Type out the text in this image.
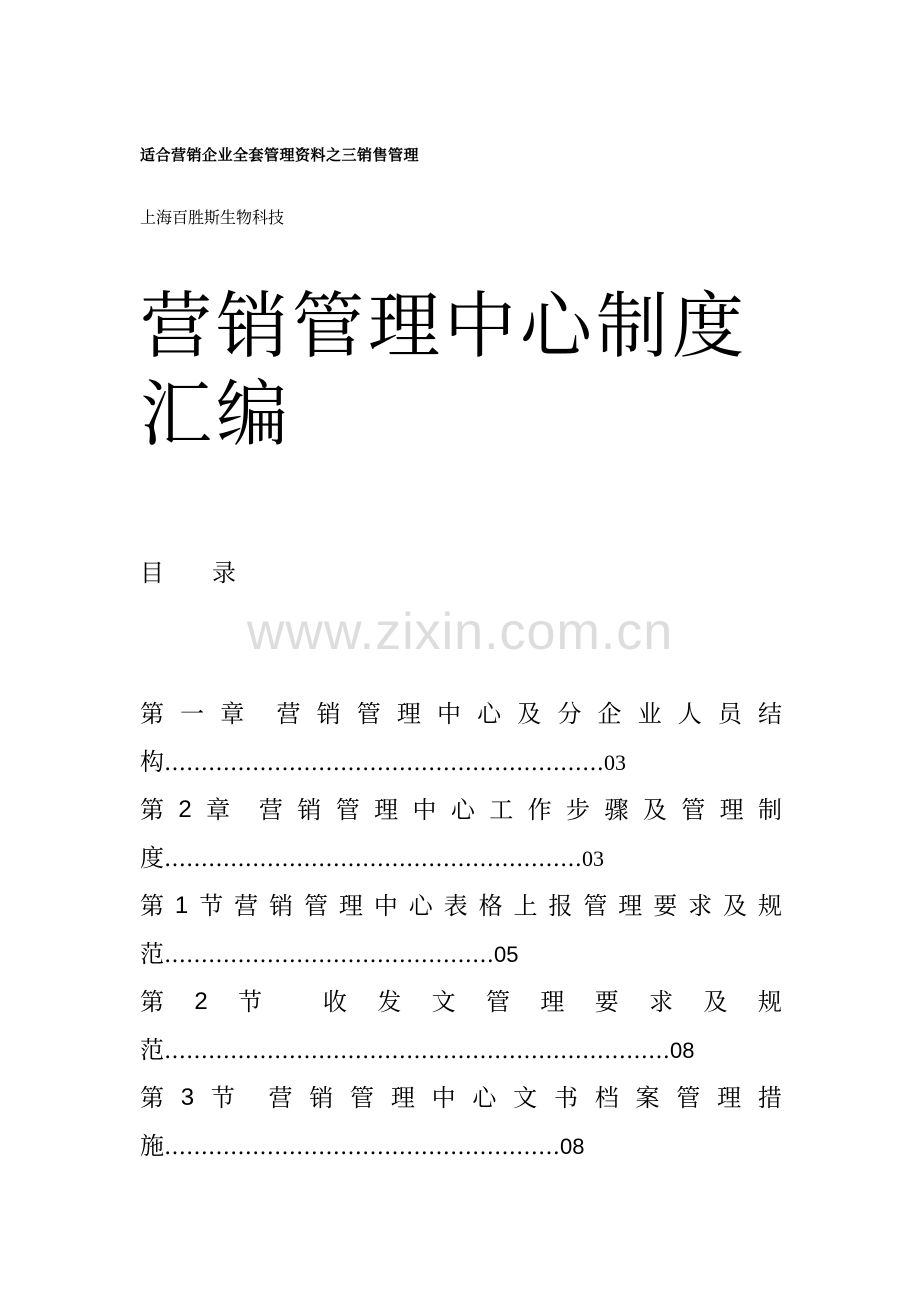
适合营销企业全套管理资料之三销售管理
上海百胜斯生物科技
营销管理中心制度汇编
目　　录
www.zixin.com.cn
第 一 章 营 销 管 理 中 心 及 分 企 业 人 员 结
构……………………………………………………03
第 2 章 营 销 管 理 中 心 工 作 步 骤 及 管 理 制
度…………………………………………………03
第 1 节 营 销 管 理 中 心 表 格 上 报 管 理 要 求 及 规
范………………………………………05
第 2 节	收 发 文 管 理 要 求 及 规
范……………………………………………………………08
第 3 节 营 销 管 理 中 心 文 书 档 案 管 理 措
施………………………………………………08
